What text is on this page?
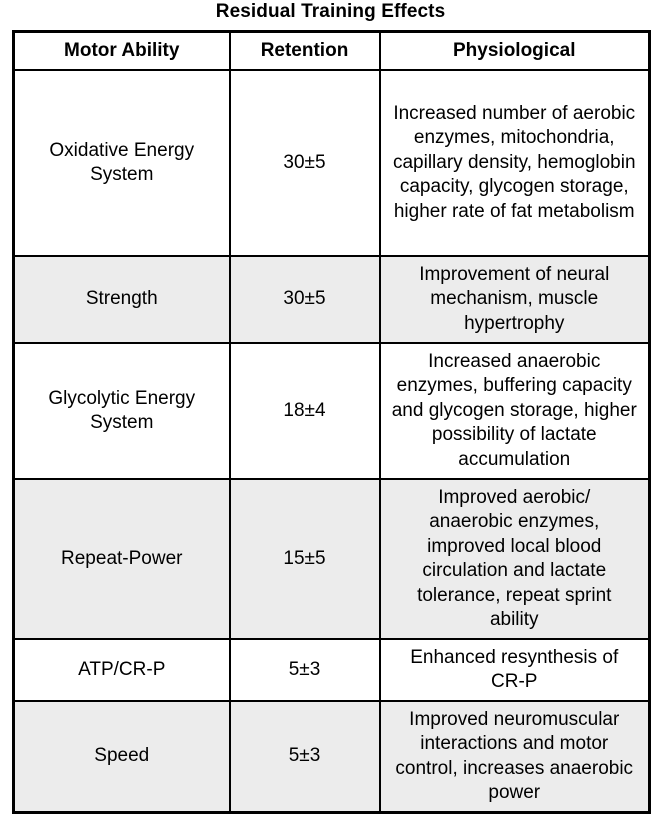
Residual Training Effects
Motor Ability	Retention	Physiological
Oxidative Energy System	30±5	Increased number of aerobic enzymes, mitochondria, capillary density, hemoglobin capacity, glycogen storage, higher rate of fat metabolism
Strength	30±5	Improvement of neural mechanism, muscle hypertrophy
Glycolytic Energy System	18±4	Increased anaerobic enzymes, buffering capacity and glycogen storage, higher possibility of lactate accumulation
Repeat-Power	15±5	Improved aerobic/ anaerobic enzymes, improved local blood circulation and lactate tolerance, repeat sprint ability
ATP/CR-P	5±3	Enhanced resynthesis of CR-P
Speed	5±3	Improved neuromuscular interactions and motor control, increases anaerobic power
